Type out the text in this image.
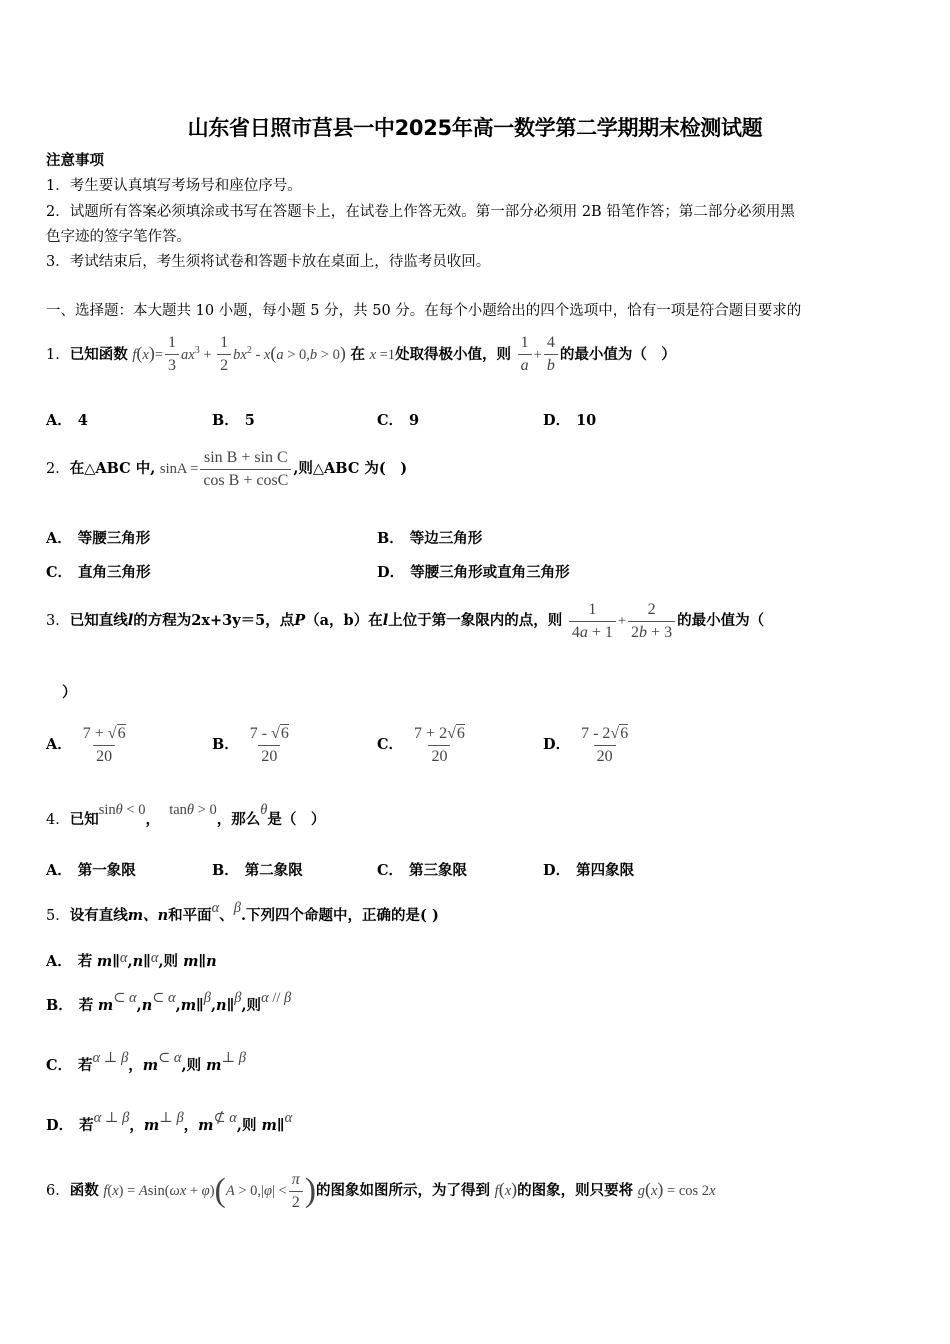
山东省日照市莒县一中2025年高一数学第二学期期末检测试题
注意事项
1．考生要认真填写考场号和座位序号。
2．试题所有答案必须填涂或书写在答题卡上，在试卷上作答无效。第一部分必须用 2B 铅笔作答；第二部分必须用黑
色字迹的签字笔作答。
3．考试结束后，考生须将试卷和答题卡放在桌面上，待监考员收回。
一、选择题：本大题共 10 小题，每小题 5 分，共 50 分。在每个小题给出的四个选项中，恰有一项是符合题目要求的
1．已知函数 $f(x)= \frac{1}{3} ax^3 + \frac{1}{2} bx^2 - x(a > 0,b > 0)$ 在 x =1处取得极小值，则 $\frac{1}{a} + \frac{4}{b}$ 的最小值为（　）
A． 4	B． 5	C． 9	D． 10
2．在△ABC 中, $\sin A = \frac{\text{sin B + sin C}}{\text{cos B + cosC}}$ ,则△ABC 为(　)
A． 等腰三角形	B． 等边三角形
C． 直角三角形	D． 等腰三角形或直角三角形
3．已知直线l的方程为2x+3y＝5，点P（a，b）在l上位于第一象限内的点，则 $\frac{1}{4a + 1} + \frac{2}{2b + 3}$ 的最小值为（
）
A． $\frac{7 + √6}{20}$	B． $\frac{7 - √6}{20}$	C． $\frac{7 + 2√6}{20}$	D． $\frac{7 - 2√6}{20}$
4．已知sinθ < 0，  tanθ > 0，那么θ是（　）
A． 第一象限	B． 第二象限	C． 第三象限	D． 第四象限
5．设有直线m、n和平面α、β.下列四个命题中，正确的是( )
A． 若 m∥α,n∥α,则 m∥n
B． 若 m⊂ α,n⊂ α,m∥β,n∥β,则α // β
C． 若α ⊥ β，m⊂ α,则 m⊥ β
D． 若α ⊥ β，m⊥ β，m⊄ α,则 m∥α
6．函数 $f(x) = Asin(\omega x + \varphi)(A > 0,|\varphi| < \frac{\pi}{2}$ )的图象如图所示，为了得到 f(x)的图象，则只要将 g(x) = cos 2x
